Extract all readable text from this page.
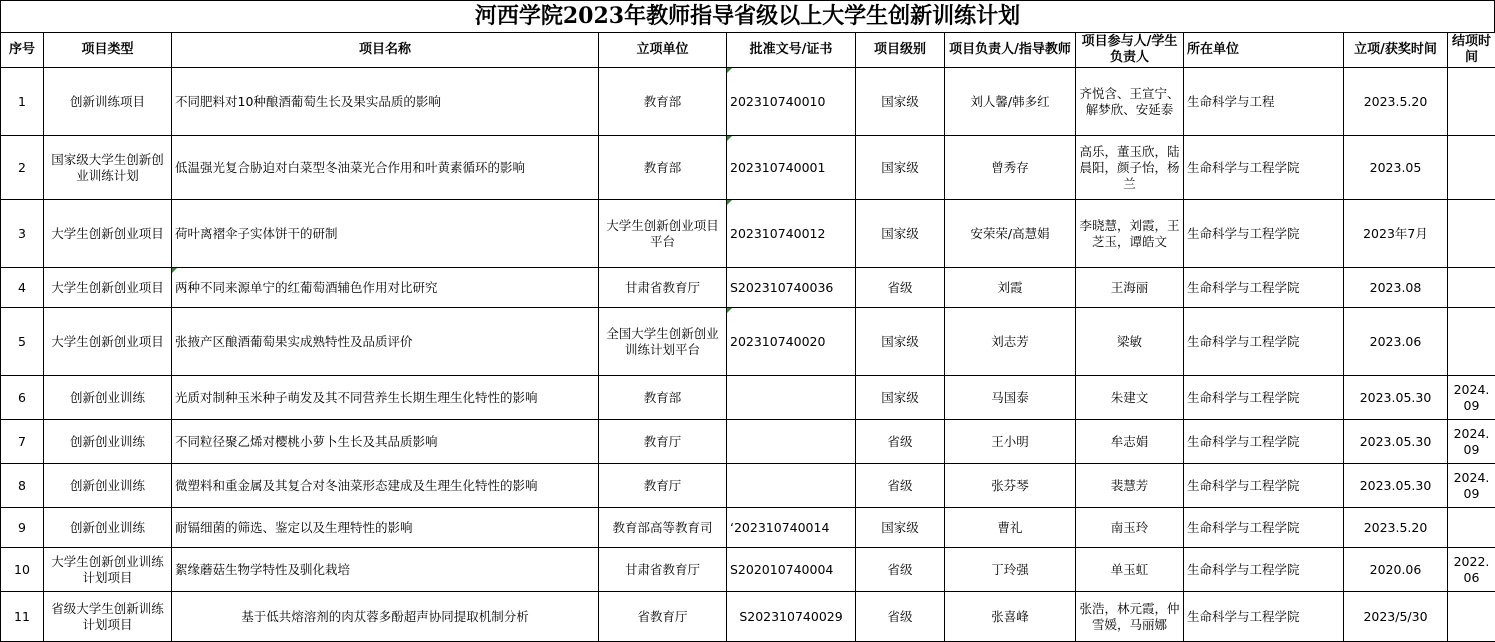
河西学院2023年教师指导省级以上大学生创新训练计划
序号	项目类型	项目名称	立项单位	批准文号/证书	项目级别	项目负责人/指导教师	项目参与人/学生负责人	所在单位	立项/获奖时间	结项时间
1	创新训练项目	不同肥料对10种酿酒葡萄生长及果实品质的影响	教育部	202310740010	国家级	刘人馨/韩多红	齐悦含、王宣宁、解梦欣、安延泰	生命科学与工程	2023.5.20	
2	国家级大学生创新创业训练计划	低温强光复合胁迫对白菜型冬油菜光合作用和叶黄素循环的影响	教育部	202310740001	国家级	曾秀存	高乐，董玉欣，陆晨阳，颜子怡，杨兰	生命科学与工程学院	2023.05	
3	大学生创新创业项目	荷叶离褶伞子实体饼干的研制	大学生创新创业项目平台	202310740012	国家级	安荣荣/高慧娟	李晓慧，刘霞，王芝玉，谭皓文	生命科学与工程学院	2023年7月	
4	大学生创新创业项目	两种不同来源单宁的红葡萄酒辅色作用对比研究	甘肃省教育厅	S202310740036	省级	刘霞	王海丽	生命科学与工程学院	2023.08	
5	大学生创新创业项目	张掖产区酿酒葡萄果实成熟特性及品质评价	全国大学生创新创业训练计划平台	202310740020	国家级	刘志芳	梁敏	生命科学与工程学院	2023.06	
6	创新创业训练	光质对制种玉米种子萌发及其不同营养生长期生理生化特性的影响	教育部		国家级	马国泰	朱建文	生命科学与工程学院	2023.05.30	2024.09
7	创新创业训练	不同粒径聚乙烯对樱桃小萝卜生长及其品质影响	教育厅		省级	王小明	牟志娟	生命科学与工程学院	2023.05.30	2024.09
8	创新创业训练	微塑料和重金属及其复合对冬油菜形态建成及生理生化特性的影响	教育厅		省级	张芬琴	裴慧芳	生命科学与工程学院	2023.05.30	2024.09
9	创新创业训练	耐镉细菌的筛选、鉴定以及生理特性的影响	教育部高等教育司	‘202310740014	国家级	曹礼	南玉玲	生命科学与工程学院	2023.5.20	
10	大学生创新创业训练计划项目	絮缘蘑菇生物学特性及驯化栽培	甘肃省教育厅	S202010740004	省级	丁玲强	单玉虹	生命科学与工程学院	2020.06	2022.06
11	省级大学生创新训练计划项目	基于低共熔溶剂的肉苁蓉多酚超声协同提取机制分析	省教育厅	S202310740029	省级	张喜峰	张浩，林元霞，仲雪媛，马丽娜	生命科学与工程学院	2023/5/30	
